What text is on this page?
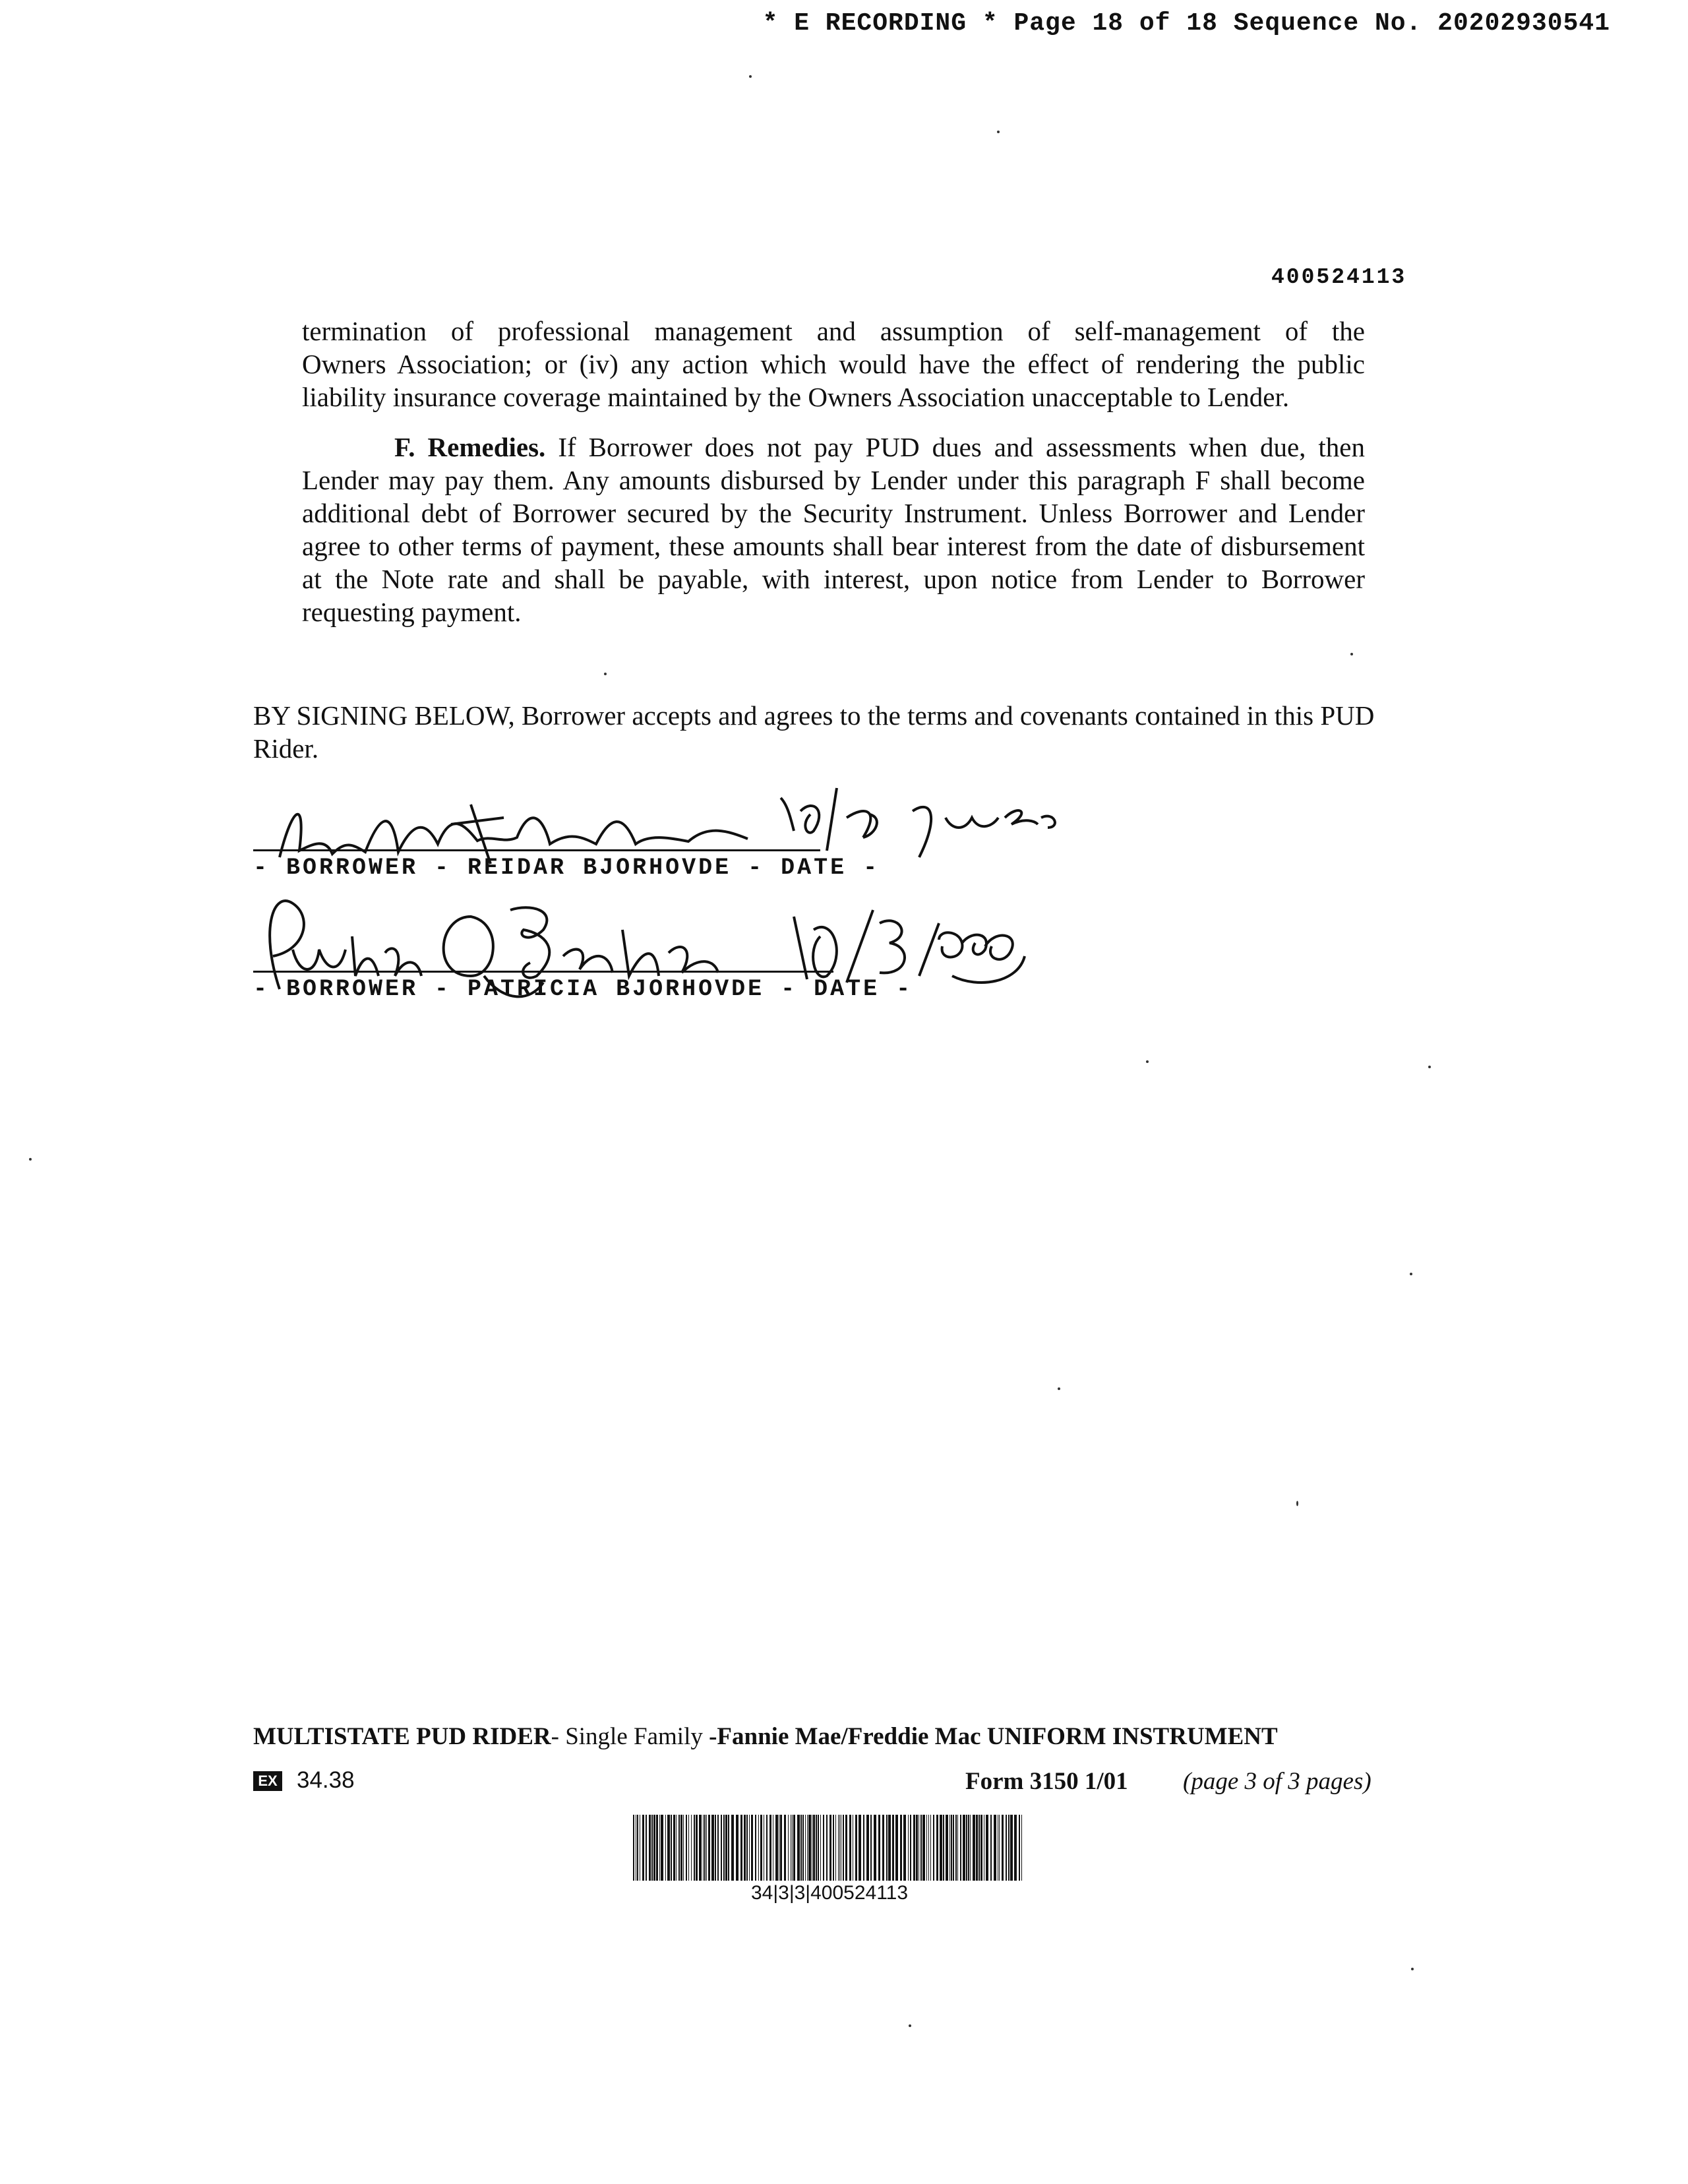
* E RECORDING * Page 18 of 18 Sequence No. 20202930541
400524113
termination of professional management and assumption of self-management of the
Owners Association; or (iv) any action which would have the effect of rendering the public
liability insurance coverage maintained by the Owners Association unacceptable to Lender.
F. Remedies. If Borrower does not pay PUD dues and assessments when due, then Lender may pay them. Any amounts disbursed by Lender under this paragraph F shall become additional debt of Borrower secured by the Security Instrument. Unless Borrower and Lender agree to other terms of payment, these amounts shall bear interest from the date of disbursement at the Note rate and shall be payable, with interest, upon notice from Lender to Borrower requesting payment.
BY SIGNING BELOW, Borrower accepts and agrees to the terms and covenants contained in this PUD Rider.
- BORROWER - REIDAR BJORHOVDE - DATE -
- BORROWER - PATRICIA BJORHOVDE - DATE -
MULTISTATE PUD RIDER- Single Family -Fannie Mae/Freddie Mac UNIFORM INSTRUMENT
EX 34.38	Form 3150 1/01 (page 3 of 3 pages)
34|3|3|400524113
